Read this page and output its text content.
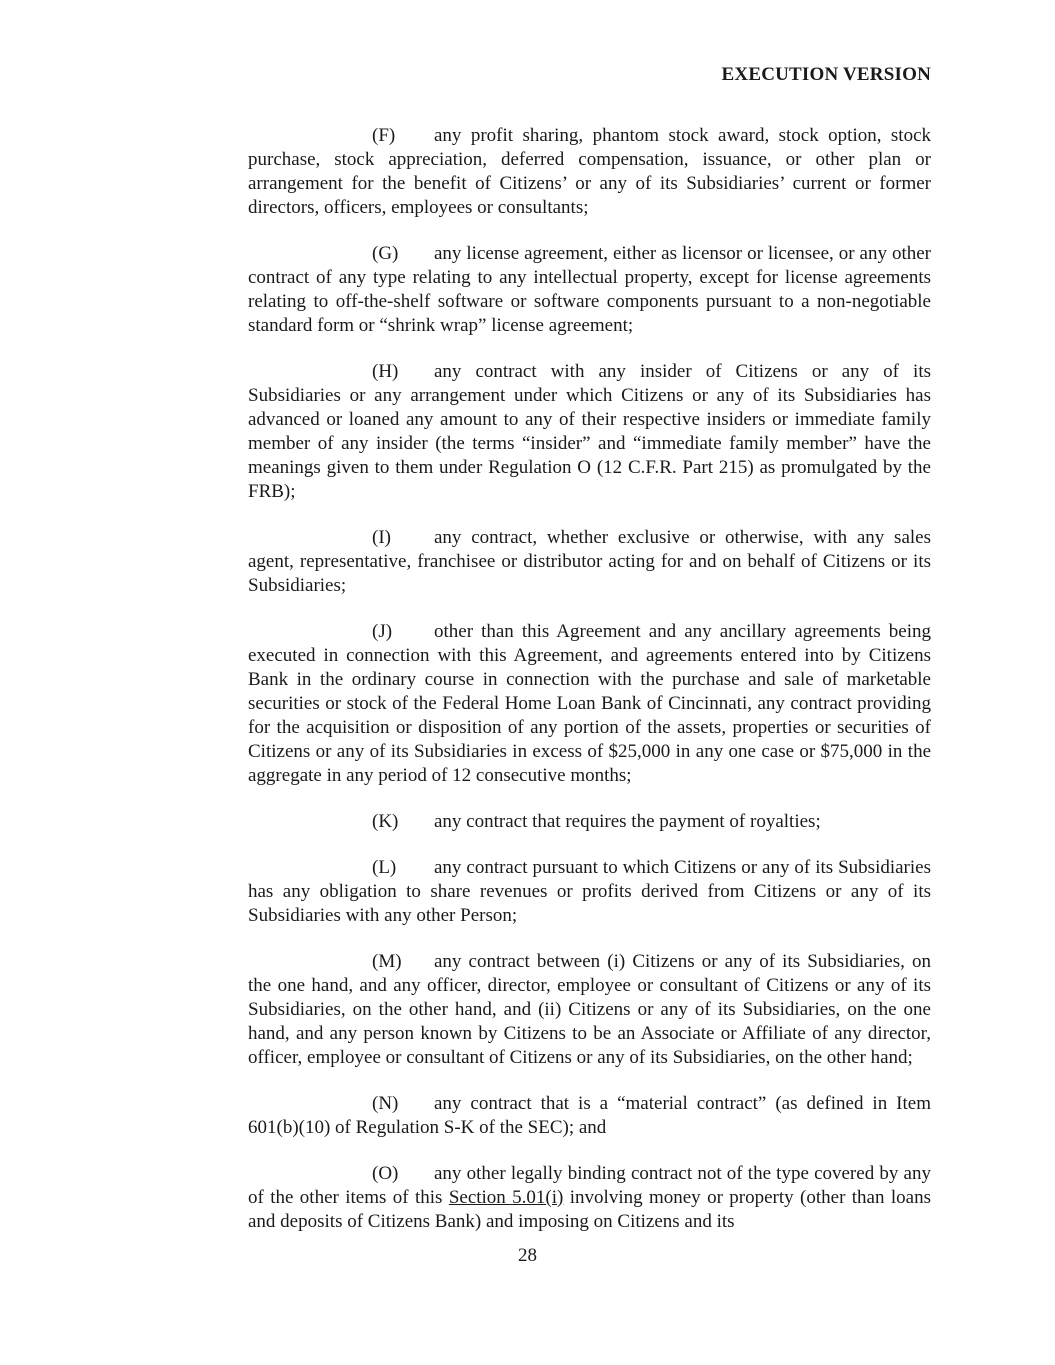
EXECUTION VERSION

(F) any profit sharing, phantom stock award, stock option, stock purchase, stock appreciation, deferred compensation, issuance, or other plan or arrangement for the benefit of Citizens’ or any of its Subsidiaries’ current or former directors, officers, employees or consultants;

(G) any license agreement, either as licensor or licensee, or any other contract of any type relating to any intellectual property, except for license agreements relating to off-the-shelf software or software components pursuant to a non-negotiable standard form or “shrink wrap” license agreement;

(H) any contract with any insider of Citizens or any of its Subsidiaries or any arrangement under which Citizens or any of its Subsidiaries has advanced or loaned any amount to any of their respective insiders or immediate family member of any insider (the terms “insider” and “immediate family member” have the meanings given to them under Regulation O (12 C.F.R. Part 215) as promulgated by the FRB);

(I) any contract, whether exclusive or otherwise, with any sales agent, representative, franchisee or distributor acting for and on behalf of Citizens or its Subsidiaries;

(J) other than this Agreement and any ancillary agreements being executed in connection with this Agreement, and agreements entered into by Citizens Bank in the ordinary course in connection with the purchase and sale of marketable securities or stock of the Federal Home Loan Bank of Cincinnati, any contract providing for the acquisition or disposition of any portion of the assets, properties or securities of Citizens or any of its Subsidiaries in excess of $25,000 in any one case or $75,000 in the aggregate in any period of 12 consecutive months;

(K) any contract that requires the payment of royalties;

(L) any contract pursuant to which Citizens or any of its Subsidiaries has any obligation to share revenues or profits derived from Citizens or any of its Subsidiaries with any other Person;

(M) any contract between (i) Citizens or any of its Subsidiaries, on the one hand, and any officer, director, employee or consultant of Citizens or any of its Subsidiaries, on the other hand, and (ii) Citizens or any of its Subsidiaries, on the one hand, and any person known by Citizens to be an Associate or Affiliate of any director, officer, employee or consultant of Citizens or any of its Subsidiaries, on the other hand;

(N) any contract that is a “material contract” (as defined in Item 601(b)(10) of Regulation S-K of the SEC); and

(O) any other legally binding contract not of the type covered by any of the other items of this Section 5.01(i) involving money or property (other than loans and deposits of Citizens Bank) and imposing on Citizens and its

28
